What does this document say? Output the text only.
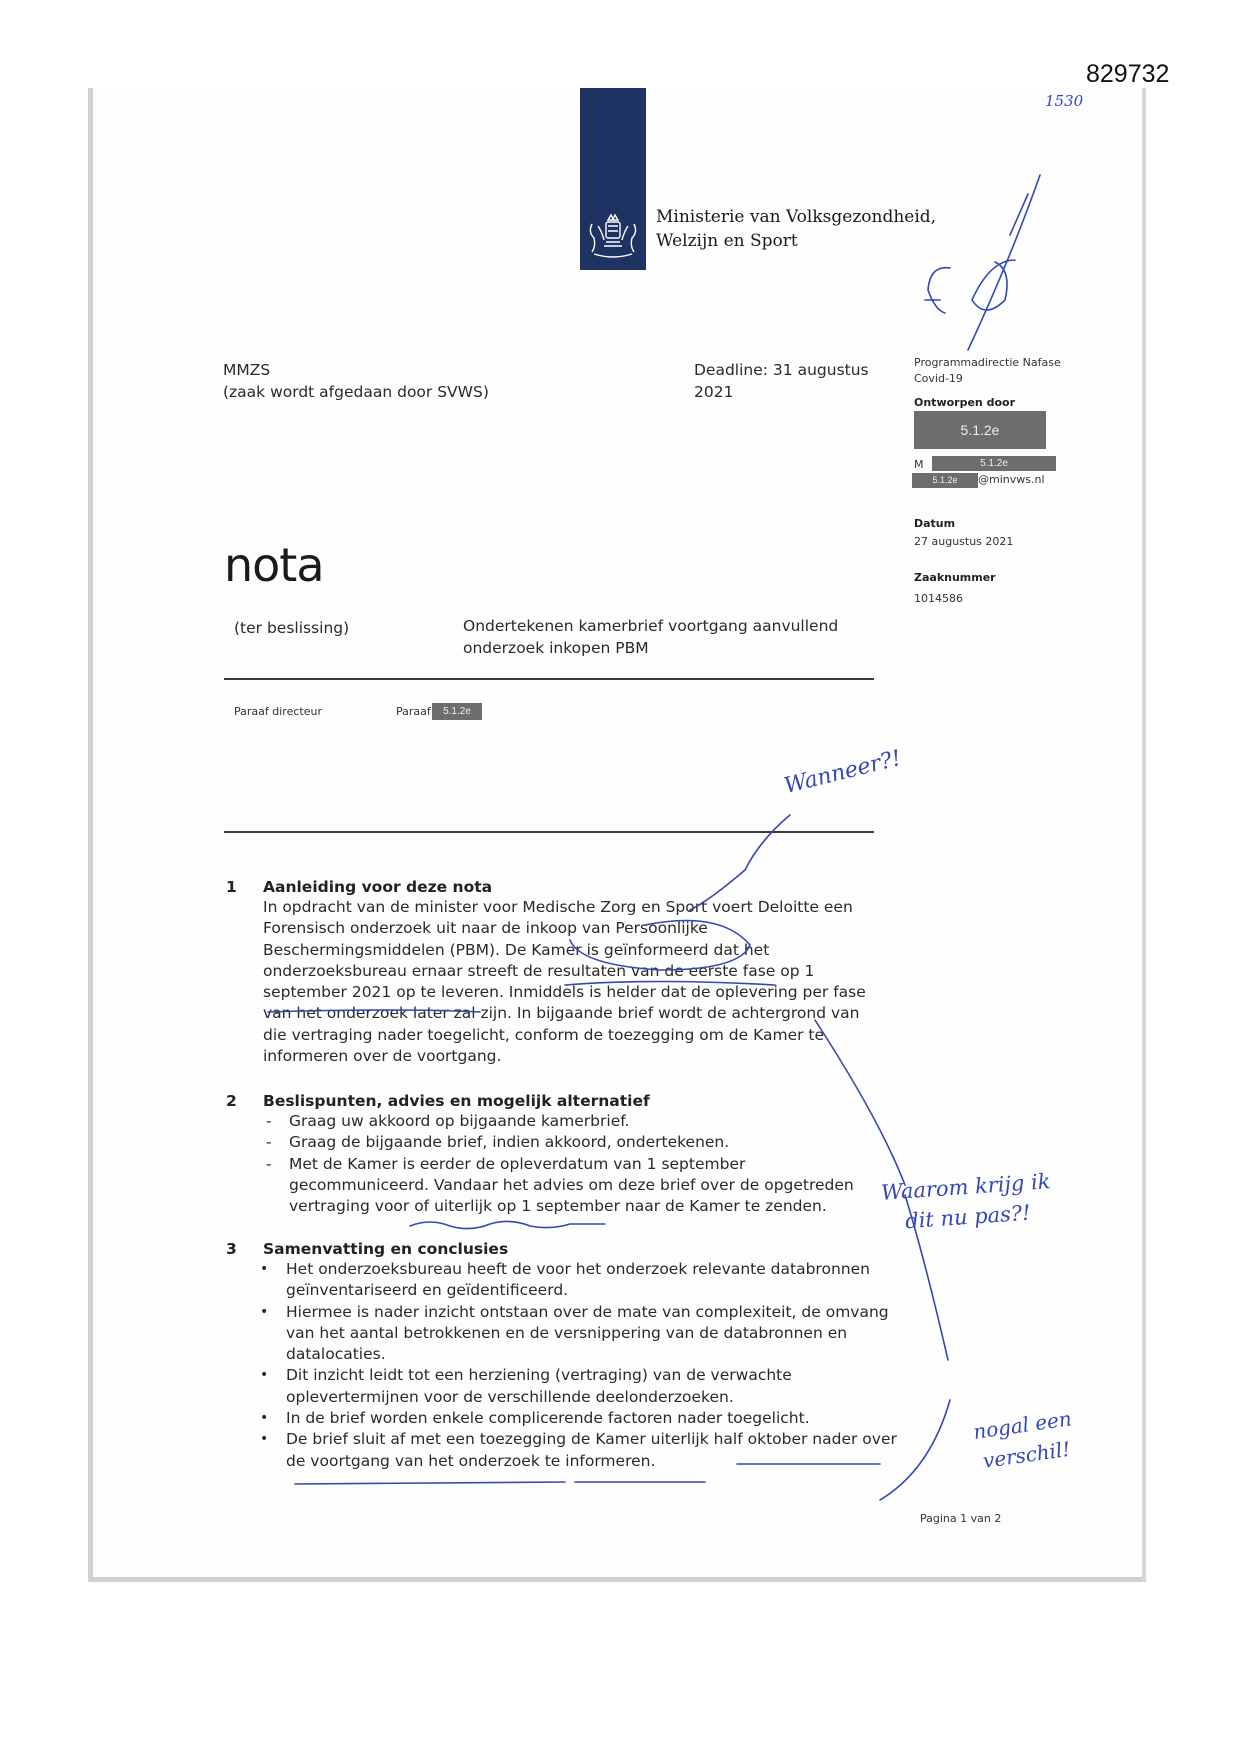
829732
1530
Ministerie van Volksgezondheid,
Welzijn en Sport
MMZS
(zaak wordt afgedaan door SVWS)
Deadline: 31 augustus
2021
Programmadirectie Nafase
Covid-19
Ontworpen door
5.1.2e
M	5.1.2e
5.1.2e	@minvws.nl
Datum
27 augustus 2021
Zaaknummer
1014586
nota
(ter beslissing)	Ondertekenen kamerbrief voortgang aanvullend
onderzoek inkopen PBM
Paraaf directeur	Paraaf	5.1.2e
1 Aanleiding voor deze nota
In opdracht van de minister voor Medische Zorg en Sport voert Deloitte een
Forensisch onderzoek uit naar de inkoop van Persoonlijke
Beschermingsmiddelen (PBM). De Kamer is geïnformeerd dat het
onderzoeksbureau ernaar streeft de resultaten van de eerste fase op 1
september 2021 op te leveren. Inmiddels is helder dat de oplevering per fase
van het onderzoek later zal zijn. In bijgaande brief wordt de achtergrond van
die vertraging nader toegelicht, conform de toezegging om de Kamer te
informeren over de voortgang.
2 Beslispunten, advies en mogelijk alternatief
- Graag uw akkoord op bijgaande kamerbrief.
- Graag de bijgaande brief, indien akkoord, ondertekenen.
- Met de Kamer is eerder de opleverdatum van 1 september gecommuniceerd. Vandaar het advies om deze brief over de opgetreden vertraging voor of uiterlijk op 1 september naar de Kamer te zenden.
3 Samenvatting en conclusies
• Het onderzoeksbureau heeft de voor het onderzoek relevante databronnen geïnventariseerd en geïdentificeerd.
• Hiermee is nader inzicht ontstaan over de mate van complexiteit, de omvang van het aantal betrokkenen en de versnippering van de databronnen en datalocaties.
• Dit inzicht leidt tot een herziening (vertraging) van de verwachte oplevertermijnen voor de verschillende deelonderzoeken.
• In de brief worden enkele complicerende factoren nader toegelicht.
• De brief sluit af met een toezegging de Kamer uiterlijk half oktober nader over de voortgang van het onderzoek te informeren.
Wanneer?!
Waarom krijg ik
dit nu pas?!
nogal een
verschil!
Pagina 1 van 2
